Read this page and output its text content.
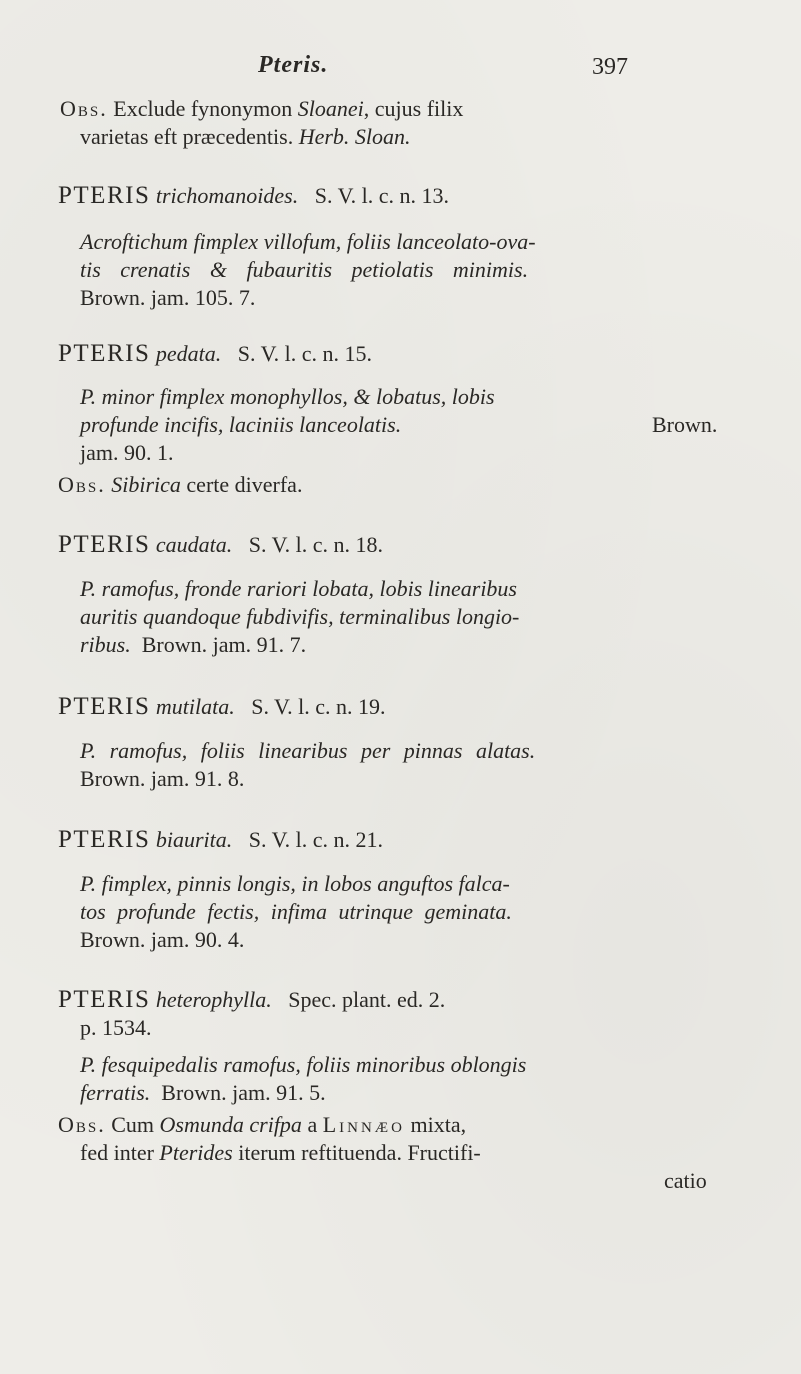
Pteris.	397
Obs. Exclude fynonymon Sloanei, cujus filix
varietas eft præcedentis. Herb. Sloan.
PTERIS trichomanoides. S. V. l. c. n. 13.
Acroftichum fimplex villofum, foliis lanceolato-ova-
tis crenatis & fubauritis petiolatis minimis.
Brown. jam. 105. 7.
PTERIS pedata. S. V. l. c. n. 15.
P. minor fimplex monophyllos, & lobatus, lobis
profunde incifis, laciniis lanceolatis.	Brown.
jam. 90. 1.
Obs. Sibirica certe diverfa.
PTERIS caudata. S. V. l. c. n. 18.
P. ramofus, fronde rariori lobata, lobis linearibus
auritis quandoque fubdivifis, terminalibus longio-
ribus. Brown. jam. 91. 7.
PTERIS mutilata. S. V. l. c. n. 19.
P. ramofus, foliis linearibus per pinnas alatas.
Brown. jam. 91. 8.
PTERIS biaurita. S. V. l. c. n. 21.
P. fimplex, pinnis longis, in lobos anguftos falca-
tos profunde fectis, infima utrinque geminata.
Brown. jam. 90. 4.
PTERIS heterophylla. Spec. plant. ed. 2.
p. 1534.
P. fesquipedalis ramofus, foliis minoribus oblongis
ferratis. Brown. jam. 91. 5.
Obs. Cum Osmunda crifpa a Linnæo mixta,
fed inter Pterides iterum reftituenda. Fructifi-
catio
